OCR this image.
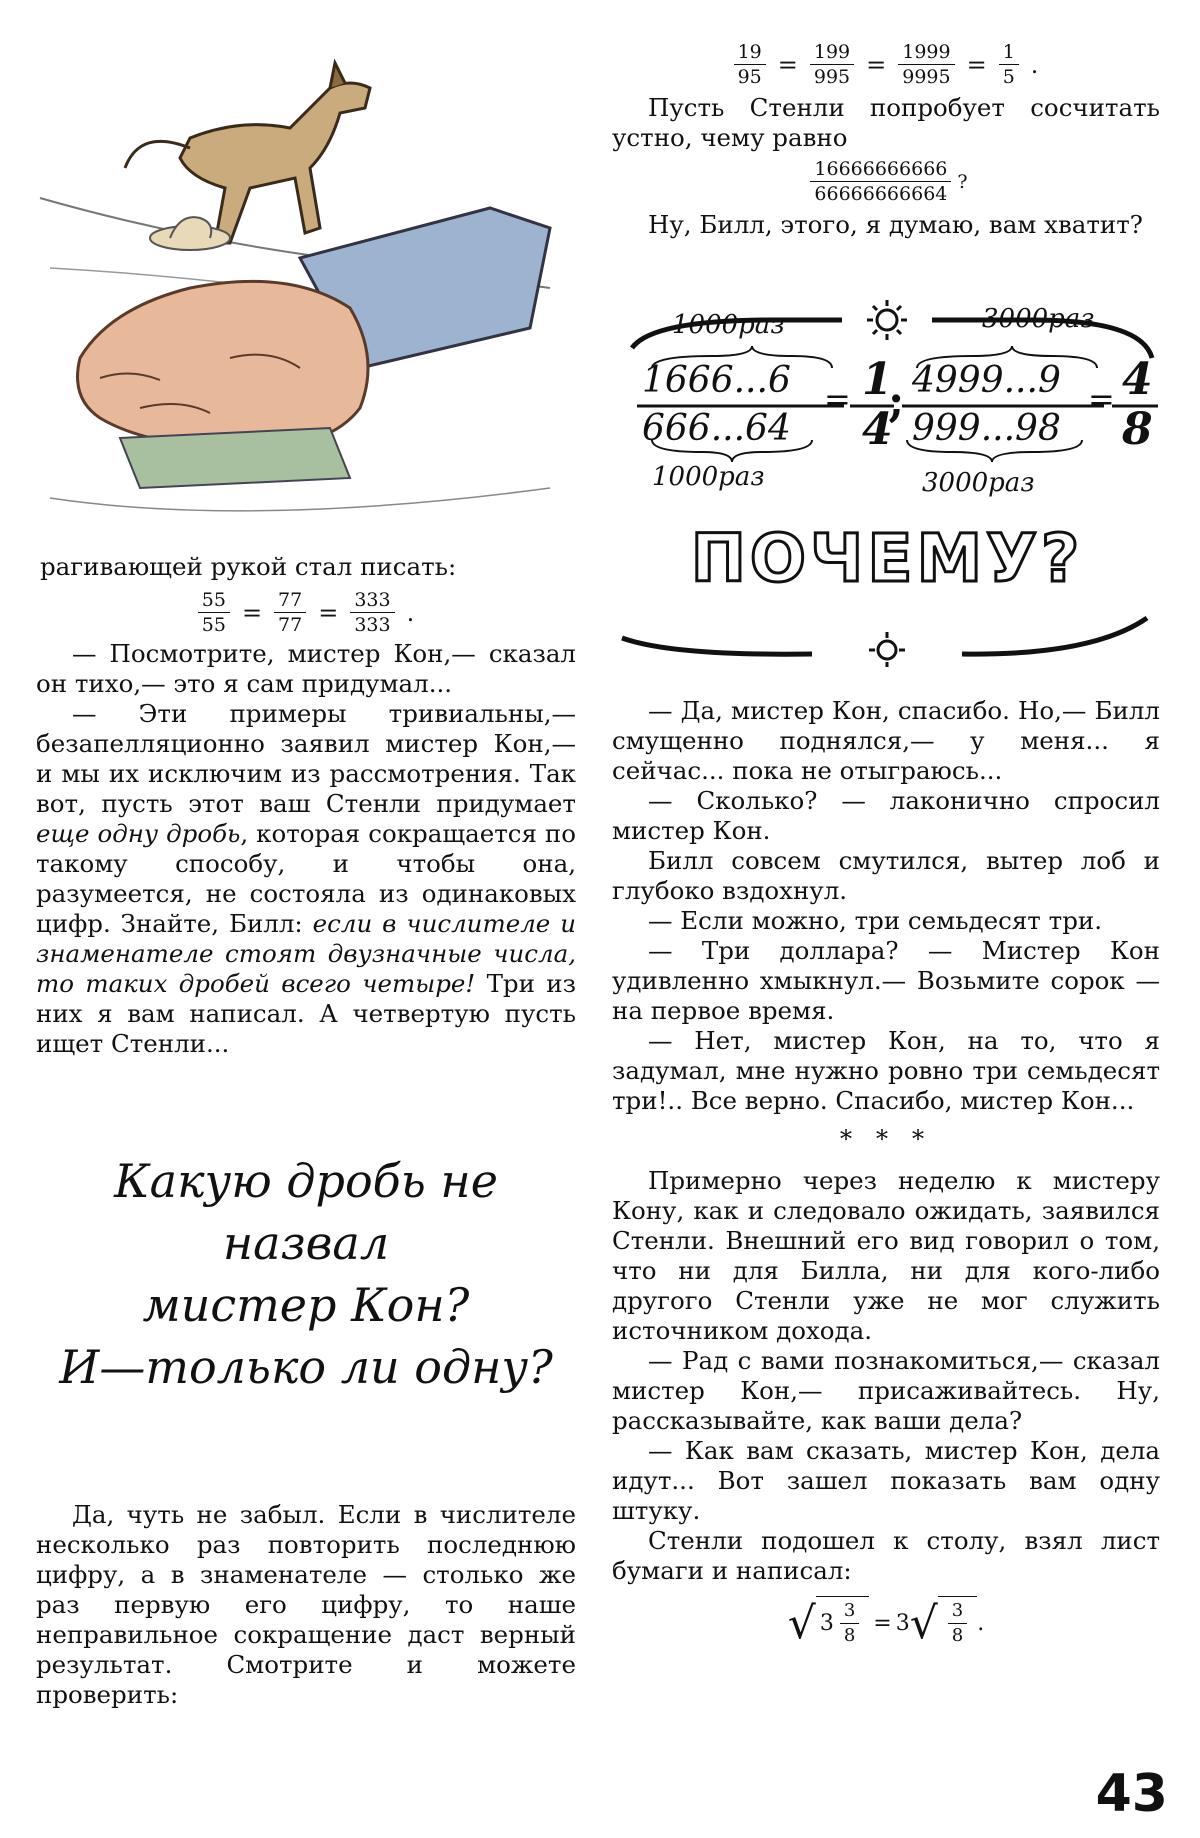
рагивающей рукой стал писать:

$\frac{55}{55} = \frac{77}{77} = \frac{333}{333}$ .

— Посмотрите, мистер Кон,— сказал он тихо,— это я сам придумал...

— Эти примеры тривиальны,— безапелляционно заявил мистер Кон,— и мы их исключим из рассмотрения. Так вот, пусть этот ваш Стенли придумает еще одну дробь, которая сокращается по такому способу, и чтобы она, разумеется, не состояла из одинаковых цифр. Знайте, Билл: если в числителе и знаменателе стоят двузначные числа, то таких дробей всего четыре! Три из них я вам написал. А четвертую пусть ищет Стенли...

Какую дробь не назвал
мистер Кон?
И—только ли одну?

Да, чуть не забыл. Если в числителе несколько раз повторить последнюю цифру, а в знаменателе — столько же раз первую его цифру, то наше неправильное сокращение даст верный результат. Смотрите и можете проверить:

$\frac{19}{95} = \frac{199}{995} = \frac{1999}{9995} = \frac{1}{5}$ .

Пусть Стенли попробует сосчитать устно, чему равно

$\frac{16666666666}{66666666664}$ ?

Ну, Билл, этого, я думаю, вам хватит?

1000раз	3000раз
1666...6
666...64
= 1
4
; 4999...9
999...98
= 4
8
1000раз	3000раз
ПОЧЕМУ?

— Да, мистер Кон, спасибо. Но,— Билл смущенно поднялся,— у меня... я сейчас... пока не отыграюсь...

— Сколько? — лаконично спросил мистер Кон.

Билл совсем смутился, вытер лоб и глубоко вздохнул.

— Если можно, три семьдесят три.

— Три доллара? — Мистер Кон удивленно хмыкнул.— Возьмите сорок — на первое время.

— Нет, мистер Кон, на то, что я задумал, мне нужно ровно три семьдесят три!.. Все верно. Спасибо, мистер Кон...

* * *

Примерно через неделю к мистеру Кону, как и следовало ожидать, заявился Стенли. Внешний его вид говорил о том, что ни для Билла, ни для кого-либо другого Стенли уже не мог служить источником дохода.

— Рад с вами познакомиться,— сказал мистер Кон,— присаживайтесь. Ну, рассказывайте, как ваши дела?

— Как вам сказать, мистер Кон, дела идут... Вот зашел показать вам одну штуку.

Стенли подошел к столу, взял лист бумаги и написал:

√ $3 \frac{3}{8} = 3$ √ $\frac{3}{8}$ .
43
